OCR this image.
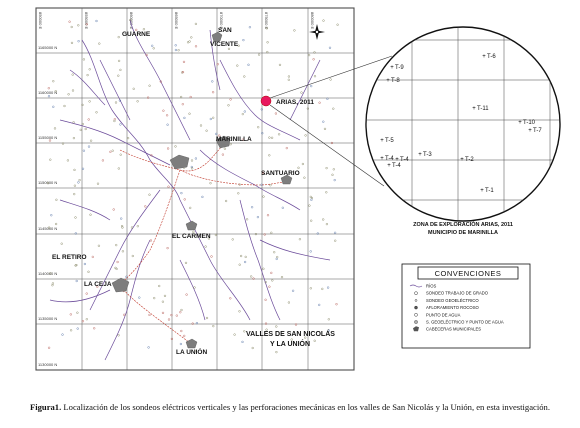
1165000 N
1160000 N
1155000 N
1150000 N
1145000 N
1140000 N
1135000 N
1130000 N
850000 E	855000 E	860000 E	865000 E	870000 E	875000 E	880000 E
GUARNE
SAN
VICENTE
ARIAS, 2011
MARINILLA
SANTUARIO
EL CARMEN
EL RETIRO
LA CEJA
LA UNIÓN
VALLES DE SAN NICOLÁS
Y LA UNIÓN
+ T-6
+ T-9
+ T-8
+ T-11
+ T-10
+ T-7
+ T-5
+ T-4
+ T-3
+ T-2
+ T-1
+ T-4
+ T-4
ZONA DE EXPLORACIÓN ARIAS, 2011
MUNICIPIO DE MARINILLA
CONVENCIONES
RÍOS
SONDEO TRABAJO DE GRADO
SONDEO GEOELÉCTRICO
AFLORAMIENTO ROCOSO
PUNTO DE AGUA
S. GEOELÉCTRICO Y PUNTO DE AGUA
CABECERAS MUNICIPALES
Figura1. Localización de los sondeos eléctricos verticales y las perforaciones mecánicas en los valles de San Nicolás y la Unión, en esta investigación.
